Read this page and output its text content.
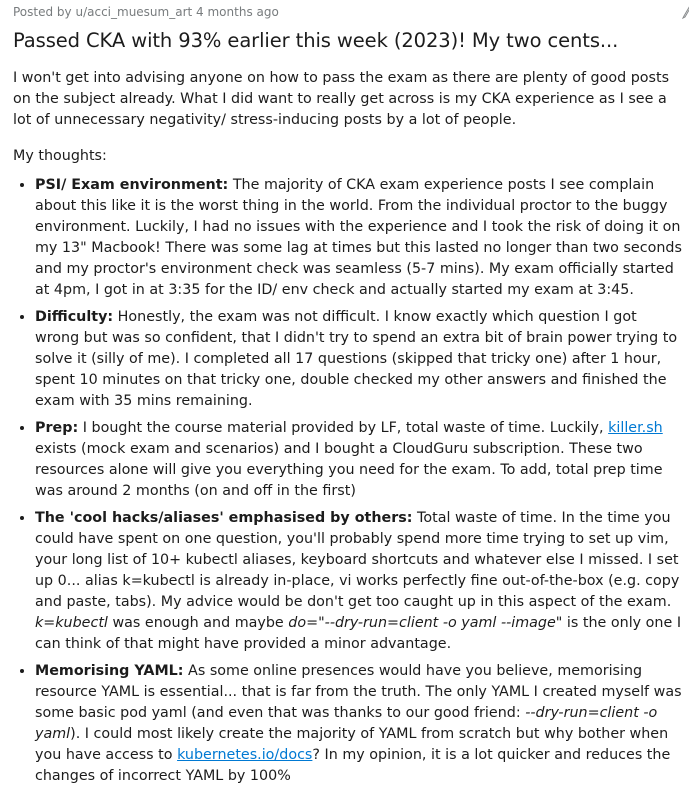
Posted by u/acci_muesum_art 4 months ago
Passed CKA with 93% earlier this week (2023)! My two cents...

I won't get into advising anyone on how to pass the exam as there are plenty of good posts on the subject already. What I did want to really get across is my CKA experience as I see a lot of unnecessary negativity/ stress-inducing posts by a lot of people.

My thoughts:

• PSI/ Exam environment: The majority of CKA exam experience posts I see complain about this like it is the worst thing in the world. From the individual proctor to the buggy environment. Luckily, I had no issues with the experience and I took the risk of doing it on my 13" Macbook! There was some lag at times but this lasted no longer than two seconds and my proctor's environment check was seamless (5-7 mins). My exam officially started at 4pm, I got in at 3:35 for the ID/ env check and actually started my exam at 3:45.
• Difficulty: Honestly, the exam was not difficult. I know exactly which question I got wrong but was so confident, that I didn't try to spend an extra bit of brain power trying to solve it (silly of me). I completed all 17 questions (skipped that tricky one) after 1 hour, spent 10 minutes on that tricky one, double checked my other answers and finished the exam with 35 mins remaining.
• Prep: I bought the course material provided by LF, total waste of time. Luckily, killer.sh exists (mock exam and scenarios) and I bought a CloudGuru subscription. These two resources alone will give you everything you need for the exam. To add, total prep time was around 2 months (on and off in the first)
• The 'cool hacks/aliases' emphasised by others: Total waste of time. In the time you could have spent on one question, you'll probably spend more time trying to set up vim, your long list of 10+ kubectl aliases, keyboard shortcuts and whatever else I missed. I set up 0... alias k=kubectl is already in-place, vi works perfectly fine out-of-the-box (e.g. copy and paste, tabs). My advice would be don't get too caught up in this aspect of the exam. k=kubectl was enough and maybe do="--dry-run=client -o yaml --image" is the only one I can think of that might have provided a minor advantage.
• Memorising YAML: As some online presences would have you believe, memorising resource YAML is essential... that is far from the truth. The only YAML I created myself was some basic pod yaml (and even that was thanks to our good friend: --dry-run=client -o yaml). I could most likely create the majority of YAML from scratch but why bother when you have access to kubernetes.io/docs? In my opinion, it is a lot quicker and reduces the changes of incorrect YAML by 100%
